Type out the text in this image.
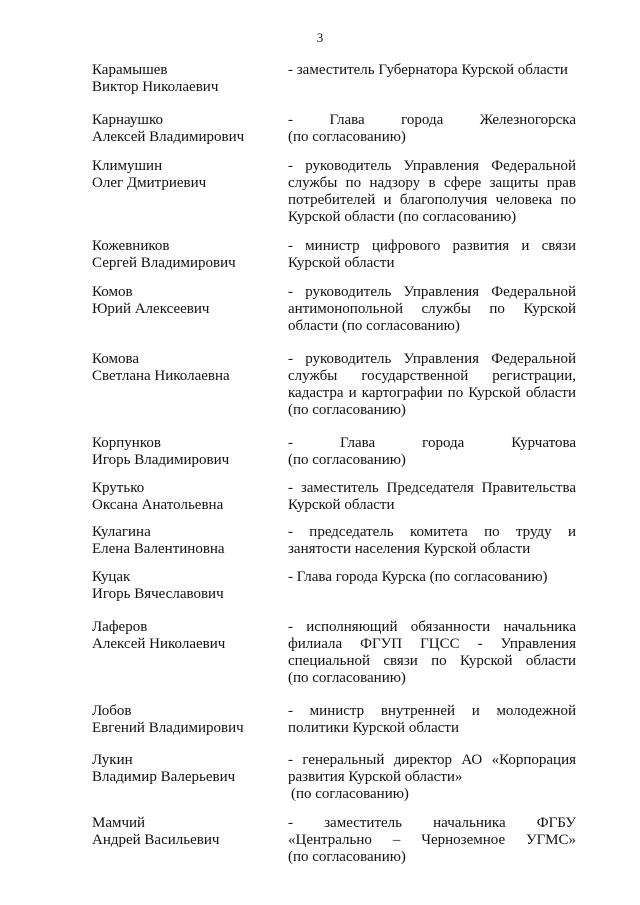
3
Карамышев
Виктор Николаевич
- заместитель Губернатора Курской области
Карнаушко
Алексей Владимирович
- Глава города Железногорска
(по согласованию)
Климушин
Олег Дмитриевич
- руководитель Управления Федеральной
службы по надзору в сфере защиты прав
потребителей и благополучия человека по
Курской области (по согласованию)
Кожевников
Сергей Владимирович
- министр цифрового развития и связи
Курской области
Комов
Юрий Алексеевич
- руководитель Управления Федеральной
антимонопольной службы по Курской
области (по согласованию)
Комова
Светлана Николаевна
- руководитель Управления Федеральной
службы государственной регистрации,
кадастра и картографии по Курской области
(по согласованию)
Корпунков
Игорь Владимирович
- Глава города Курчатова
(по согласованию)
Крутько
Оксана Анатольевна
- заместитель Председателя Правительства
Курской области
Кулагина
Елена Валентиновна
- председатель комитета по труду и
занятости населения Курской области
Куцак
Игорь Вячеславович
- Глава города Курска (по согласованию)
Лаферов
Алексей Николаевич
- исполняющий обязанности начальника
филиала ФГУП ГЦСС - Управления
специальной связи по Курской области
(по согласованию)
Лобов
Евгений Владимирович
- министр внутренней и молодежной
политики Курской области
Лукин
Владимир Валерьевич
- генеральный директор АО «Корпорация
развития Курской области»
(по согласованию)
Мамчий
Андрей Васильевич
- заместитель начальника ФГБУ
«Центрально – Черноземное УГМС»
(по согласованию)
